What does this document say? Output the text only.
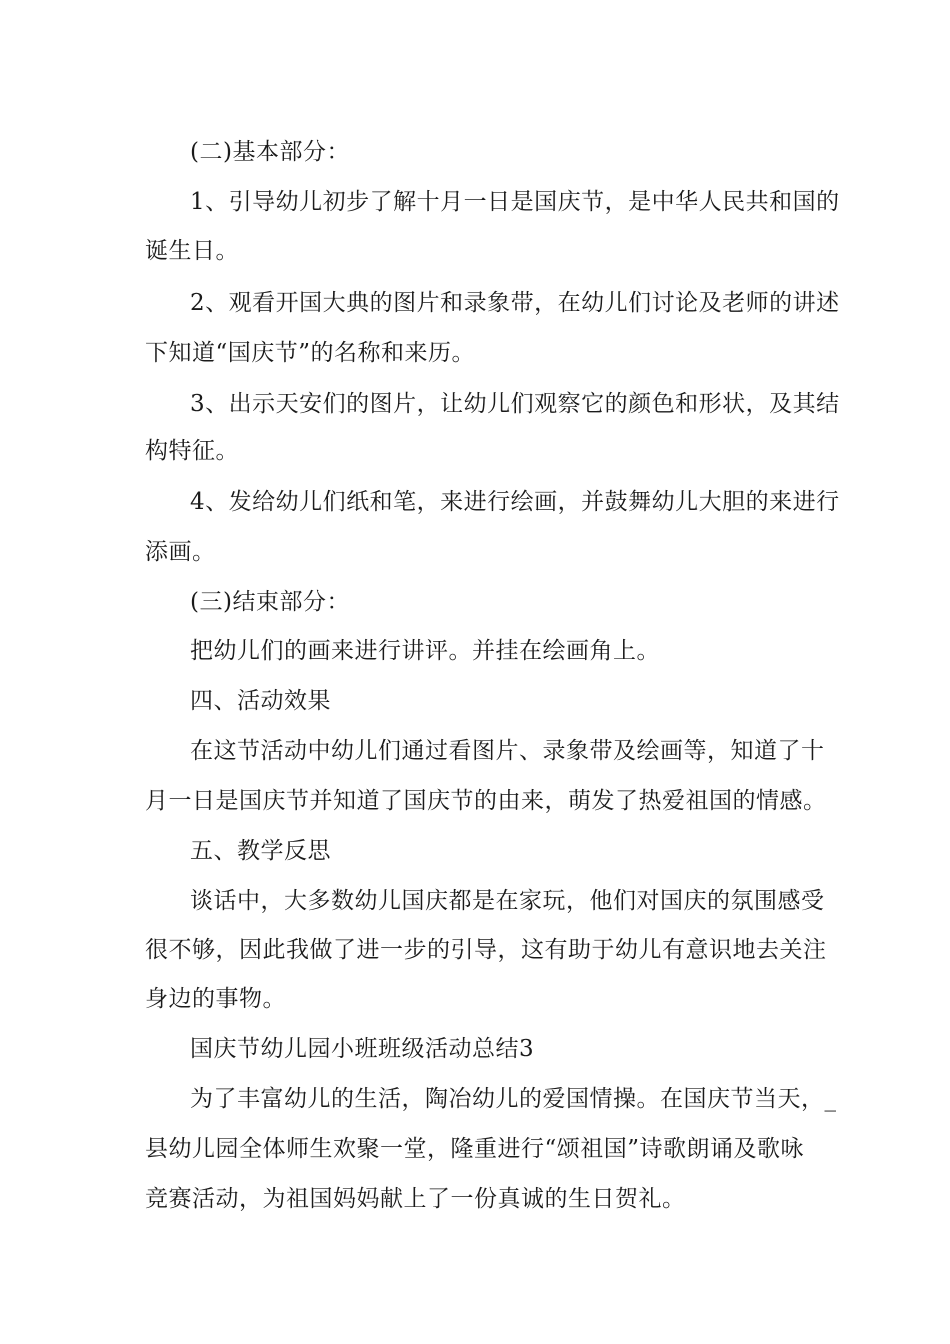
(二)基本部分：
1、引导幼儿初步了解十月一日是国庆节，是中华人民共和国的
诞生日。
2、观看开国大典的图片和录象带，在幼儿们讨论及老师的讲述
下知道“国庆节”的名称和来历。
3、出示天安们的图片，让幼儿们观察它的颜色和形状，及其结
构特征。
4、发给幼儿们纸和笔，来进行绘画，并鼓舞幼儿大胆的来进行
添画。
(三)结束部分：
把幼儿们的画来进行讲评。并挂在绘画角上。
四、活动效果
在这节活动中幼儿们通过看图片、录象带及绘画等，知道了十
月一日是国庆节并知道了国庆节的由来，萌发了热爱祖国的情感。
五、教学反思
谈话中，大多数幼儿国庆都是在家玩，他们对国庆的氛围感受
很不够，因此我做了进一步的引导，这有助于幼儿有意识地去关注
身边的事物。
国庆节幼儿园小班班级活动总结3
为了丰富幼儿的生活，陶冶幼儿的爱国情操。在国庆节当天，_
县幼儿园全体师生欢聚一堂，隆重进行“颂祖国”诗歌朗诵及歌咏
竞赛活动，为祖国妈妈献上了一份真诚的生日贺礼。
